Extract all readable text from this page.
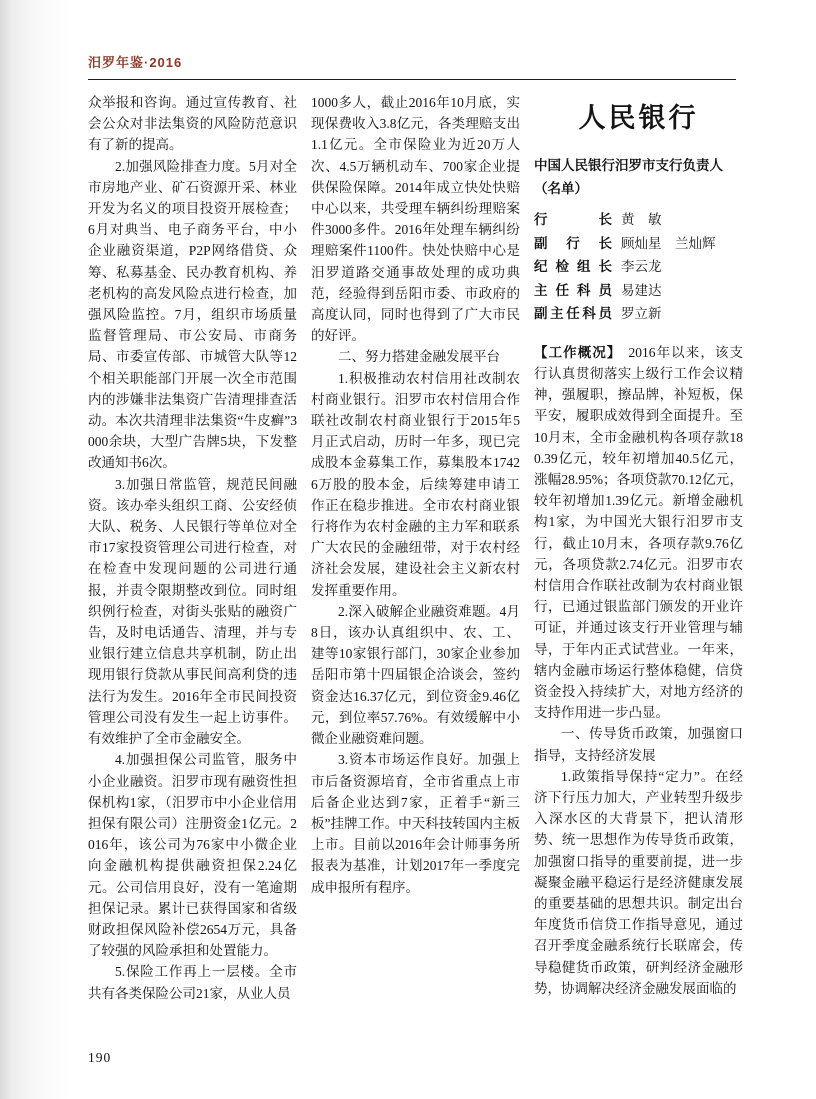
汨罗年鉴·2016

众举报和咨询。通过宣传教育、社会公众对非法集资的风险防范意识有了新的提高。

2.加强风险排查力度。5月对全市房地产业、矿石资源开采、林业开发为名义的项目投资开展检查；6月对典当、电子商务平台，中小企业融资渠道，P2P网络借贷、众筹、私募基金、民办教育机构、养老机构的高发风险点进行检查，加强风险监控。7月，组织市场质量监督管理局、市公安局、市商务局、市委宣传部、市城管大队等12个相关职能部门开展一次全市范围内的涉嫌非法集资广告清理排查活动。本次共清理非法集资“牛皮癣”3000余块，大型广告牌5块，下发整改通知书6次。

3.加强日常监管，规范民间融资。该办牵头组织工商、公安经侦大队、税务、人民银行等单位对全市17家投资管理公司进行检查，对在检查中发现问题的公司进行通报，并责令限期整改到位。同时组织例行检查，对街头张贴的融资广告，及时电话通告、清理，并与专业银行建立信息共享机制，防止出现用银行贷款从事民间高利贷的违法行为发生。2016年全市民间投资管理公司没有发生一起上访事件。有效维护了全市金融安全。

4.加强担保公司监管，服务中小企业融资。汨罗市现有融资性担保机构1家，（汨罗市中小企业信用担保有限公司）注册资金1亿元。2016年，该公司为76家中小微企业向金融机构提供融资担保2.24亿元。公司信用良好，没有一笔逾期担保记录。累计已获得国家和省级财政担保风险补偿2654万元，具备了较强的风险承担和处置能力。

5.保险工作再上一层楼。全市共有各类保险公司21家，从业人员

1000多人，截止2016年10月底，实现保费收入3.8亿元，各类理赔支出1.1亿元。全市保险业为近20万人次、4.5万辆机动车、700家企业提供保险保障。2014年成立快处快赔中心以来，共受理车辆纠纷理赔案件3000多件。2016年处理车辆纠纷理赔案件1100件。快处快赔中心是汨罗道路交通事故处理的成功典范，经验得到岳阳市委、市政府的高度认同，同时也得到了广大市民的好评。

二、努力搭建金融发展平台

1.积极推动农村信用社改制农村商业银行。汨罗市农村信用合作联社改制农村商业银行于2015年5月正式启动，历时一年多，现已完成股本金募集工作，募集股本17426万股的股本金，后续筹建申请工作正在稳步推进。全市农村商业银行将作为农村金融的主力军和联系广大农民的金融纽带，对于农村经济社会发展，建设社会主义新农村发挥重要作用。

2.深入破解企业融资难题。4月8日，该办认真组织中、农、工、建等10家银行部门，30家企业参加岳阳市第十四届银企洽谈会，签约资金达16.37亿元，到位资金9.46亿元，到位率57.76%。有效缓解中小微企业融资难问题。

3.资本市场运作良好。加强上市后备资源培育，全市省重点上市后备企业达到7家，正着手“新三板”挂牌工作。中天科技转国内主板上市。目前以2016年会计师事务所报表为基准，计划2017年一季度完成申报所有程序。

人民银行

中国人民银行汨罗市支行负责人（名单）

行长 黄　敏
副行长 顾灿星　兰灿辉
纪检组长 李云龙
主任科员 易建达
副主任科员 罗立新

【工作概况】 2016年以来，该支行认真贯彻落实上级行工作会议精神，强履职，擦品牌，补短板，保平安，履职成效得到全面提升。至10月末，全市金融机构各项存款180.39亿元，较年初增加40.5亿元，涨幅28.95%；各项贷款70.12亿元，较年初增加1.39亿元。新增金融机构1家，为中国光大银行汨罗市支行，截止10月末，各项存款9.76亿元，各项贷款2.74亿元。汨罗市农村信用合作联社改制为农村商业银行，已通过银监部门颁发的开业许可证，并通过该支行开业管理与辅导，于年内正式试营业。一年来，辖内金融市场运行整体稳健，信贷资金投入持续扩大，对地方经济的支持作用进一步凸显。

一、传导货币政策，加强窗口指导，支持经济发展

1.政策指导保持“定力”。在经济下行压力加大，产业转型升级步入深水区的大背景下，把认清形势、统一思想作为传导货币政策，加强窗口指导的重要前提，进一步凝聚金融平稳运行是经济健康发展的重要基础的思想共识。制定出台年度货币信贷工作指导意见，通过召开季度金融系统行长联席会，传导稳健货币政策，研判经济金融形势，协调解决经济金融发展面临的

190
